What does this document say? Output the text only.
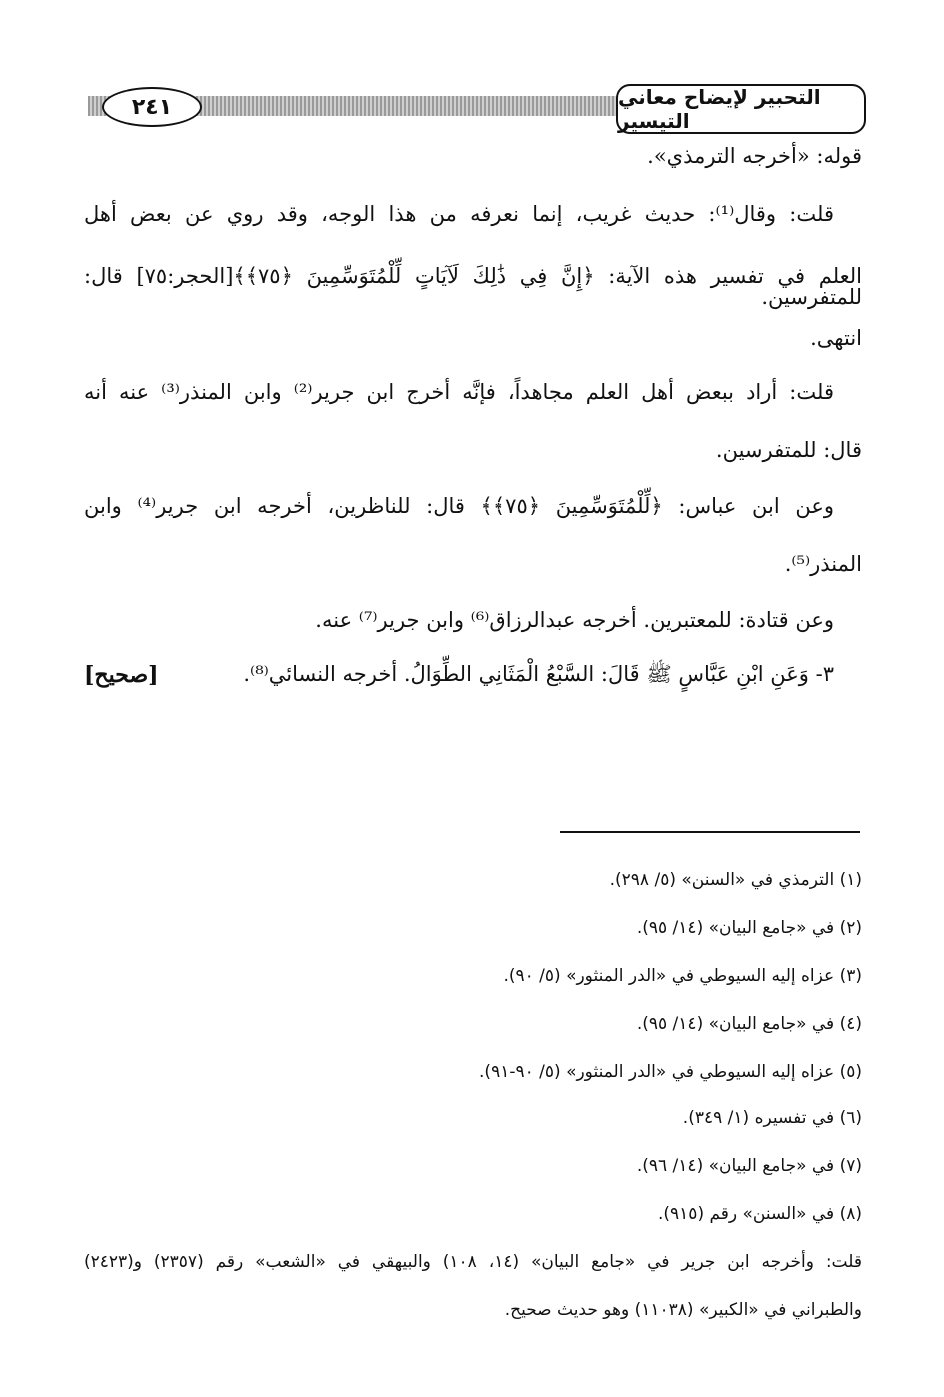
٢٤١	التحبير لإيضاح معاني التيسير
قوله: «أخرجه الترمذي».
قلت: وقال⁽¹⁾: حديث غريب، إنما نعرفه من هذا الوجه، وقد روي عن بعض أهل
العلم في تفسير هذه الآية: ﴿إِنَّ فِي ذَٰلِكَ لَآيَاتٍ لِّلْمُتَوَسِّمِينَ ﴿٧٥﴾﴾[الحجر:٧٥] قال: للمتفرسين.
انتهى.
قلت: أراد ببعض أهل العلم مجاهداً، فإنَّه أخرج ابن جرير⁽²⁾ وابن المنذر⁽³⁾ عنه أنه
قال: للمتفرسين.
وعن ابن عباس: ﴿لِّلْمُتَوَسِّمِينَ ﴿٧٥﴾﴾ قال: للناظرين، أخرجه ابن جرير⁽⁴⁾ وابن
المنذر⁽⁵⁾.
وعن قتادة: للمعتبرين. أخرجه عبدالرزاق⁽⁶⁾ وابن جرير⁽⁷⁾ عنه.
٣- وَعَنِ ابْنِ عَبَّاسٍ ﷺ قَالَ: السَّبْعُ الْمَثَانِي الطِّوَالُ. أخرجه النسائي⁽⁸⁾.
[صحيح]
(١) الترمذي في «السنن» (٥/ ٢٩٨).
(٢) في «جامع البيان» (١٤/ ٩٥).
(٣) عزاه إليه السيوطي في «الدر المنثور» (٥/ ٩٠).
(٤) في «جامع البيان» (١٤/ ٩٥).
(٥) عزاه إليه السيوطي في «الدر المنثور» (٥/ ٩٠-٩١).
(٦) في تفسيره (١/ ٣٤٩).
(٧) في «جامع البيان» (١٤/ ٩٦).
(٨) في «السنن» رقم (٩١٥).
قلت: وأخرجه ابن جرير في «جامع البيان» (١٤، ١٠٨) والبيهقي في «الشعب» رقم (٢٣٥٧) و(٢٤٢٣)
والطبراني في «الكبير» (١١٠٣٨) وهو حديث صحيح.
